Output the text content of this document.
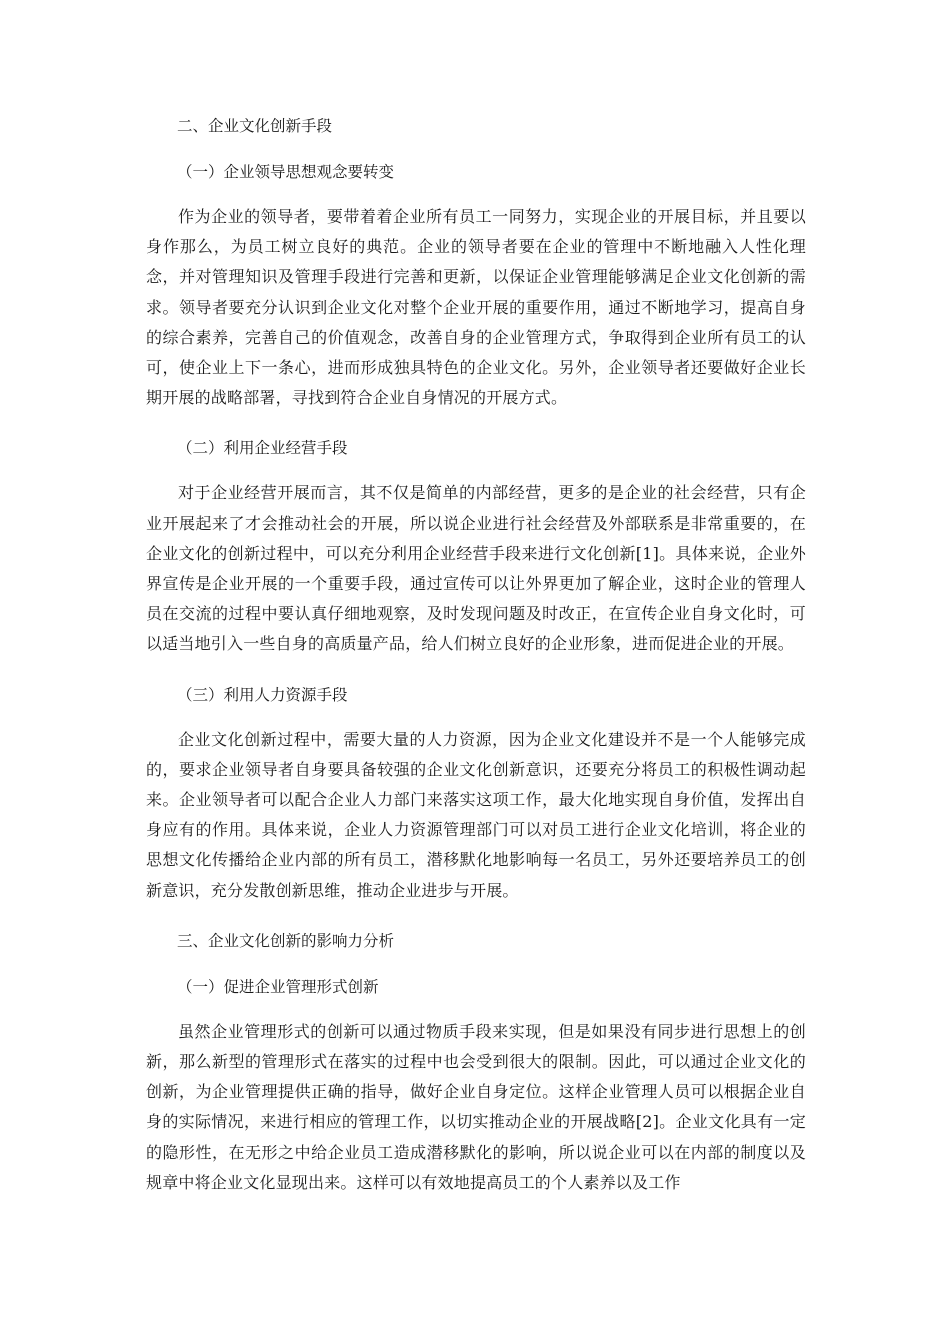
二、企业文化创新手段
（一）企业领导思想观念要转变

作为企业的领导者，要带着着企业所有员工一同努力，实现企业的开展目标，并且要以身作那么，为员工树立良好的典范。企业的领导者要在企业的管理中不断地融入人性化理念，并对管理知识及管理手段进行完善和更新，以保证企业管理能够满足企业文化创新的需求。领导者要充分认识到企业文化对整个企业开展的重要作用，通过不断地学习，提高自身的综合素养，完善自己的价值观念，改善自身的企业管理方式，争取得到企业所有员工的认可，使企业上下一条心，进而形成独具特色的企业文化。另外，企业领导者还要做好企业长期开展的战略部署，寻找到符合企业自身情况的开展方式。

（二）利用企业经营手段

对于企业经营开展而言，其不仅是简单的内部经营，更多的是企业的社会经营，只有企业开展起来了才会推动社会的开展，所以说企业进行社会经营及外部联系是非常重要的，在企业文化的创新过程中，可以充分利用企业经营手段来进行文化创新[1]。具体来说，企业外界宣传是企业开展的一个重要手段，通过宣传可以让外界更加了解企业，这时企业的管理人员在交流的过程中要认真仔细地观察，及时发现问题及时改正，在宣传企业自身文化时，可以适当地引入一些自身的高质量产品，给人们树立良好的企业形象，进而促进企业的开展。

（三）利用人力资源手段

企业文化创新过程中，需要大量的人力资源，因为企业文化建设并不是一个人能够完成的，要求企业领导者自身要具备较强的企业文化创新意识，还要充分将员工的积极性调动起来。企业领导者可以配合企业人力部门来落实这项工作，最大化地实现自身价值，发挥出自身应有的作用。具体来说，企业人力资源管理部门可以对员工进行企业文化培训，将企业的思想文化传播给企业内部的所有员工，潜移默化地影响每一名员工，另外还要培养员工的创新意识，充分发散创新思维，推动企业进步与开展。

三、企业文化创新的影响力分析
（一）促进企业管理形式创新

虽然企业管理形式的创新可以通过物质手段来实现，但是如果没有同步进行思想上的创新，那么新型的管理形式在落实的过程中也会受到很大的限制。因此，可以通过企业文化的创新，为企业管理提供正确的指导，做好企业自身定位。这样企业管理人员可以根据企业自身的实际情况，来进行相应的管理工作，以切实推动企业的开展战略[2]。企业文化具有一定的隐形性，在无形之中给企业员工造成潜移默化的影响，所以说企业可以在内部的制度以及规章中将企业文化显现出来。这样可以有效地提高员工的个人素养以及工作
